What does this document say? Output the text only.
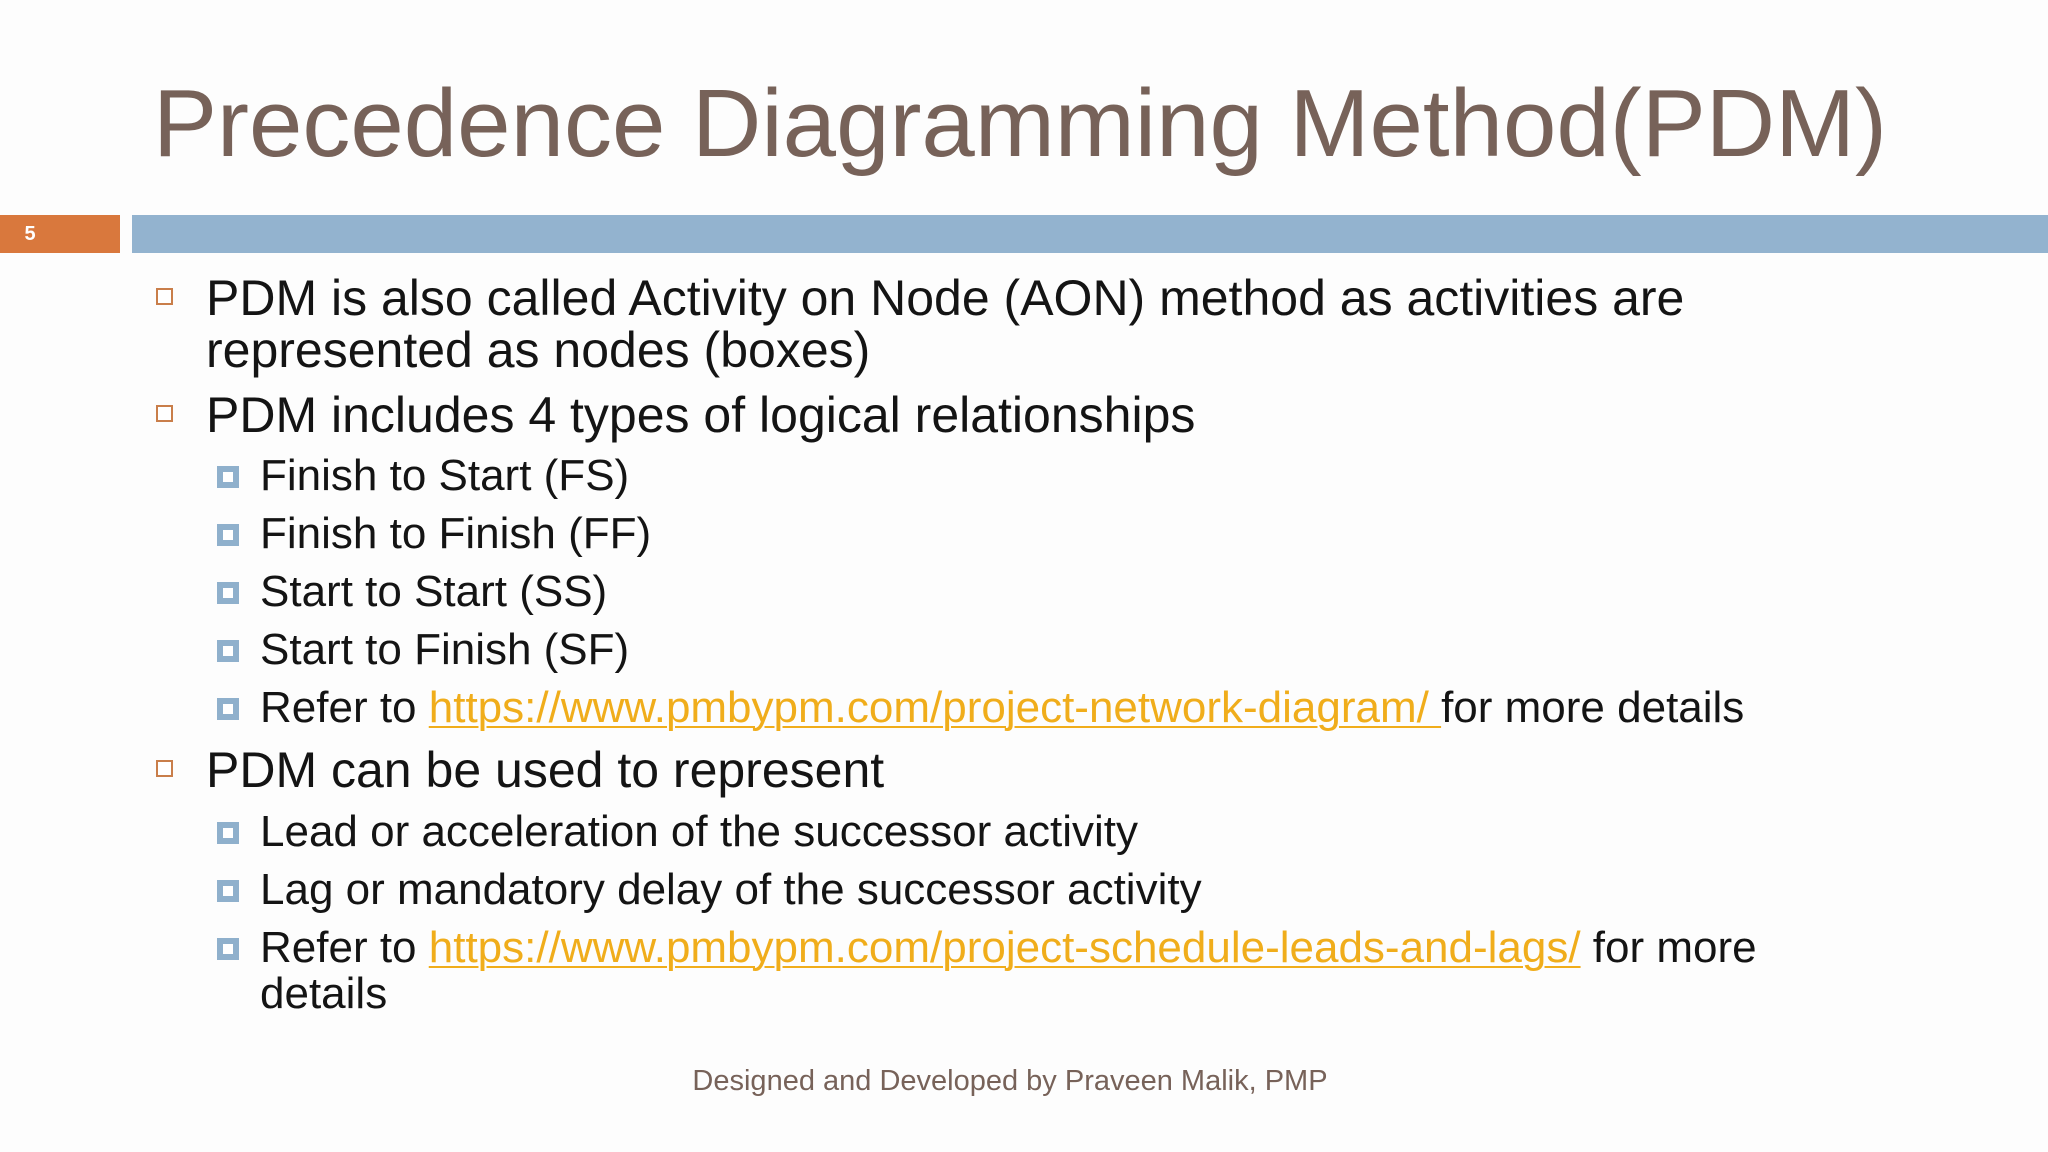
Precedence Diagramming Method(PDM)
5
PDM is also called Activity on Node (AON) method as activities are
represented as nodes (boxes)
PDM includes 4 types of logical relationships
Finish to Start (FS)
Finish to Finish (FF)
Start to Start (SS)
Start to Finish (SF)
Refer to https://www.pmbypm.com/project-network-diagram/ for more details
PDM can be used to represent
Lead or acceleration of the successor activity
Lag or mandatory delay of the successor activity
Refer to https://www.pmbypm.com/project-schedule-leads-and-lags/ for more
details
Designed and Developed by Praveen Malik, PMP
